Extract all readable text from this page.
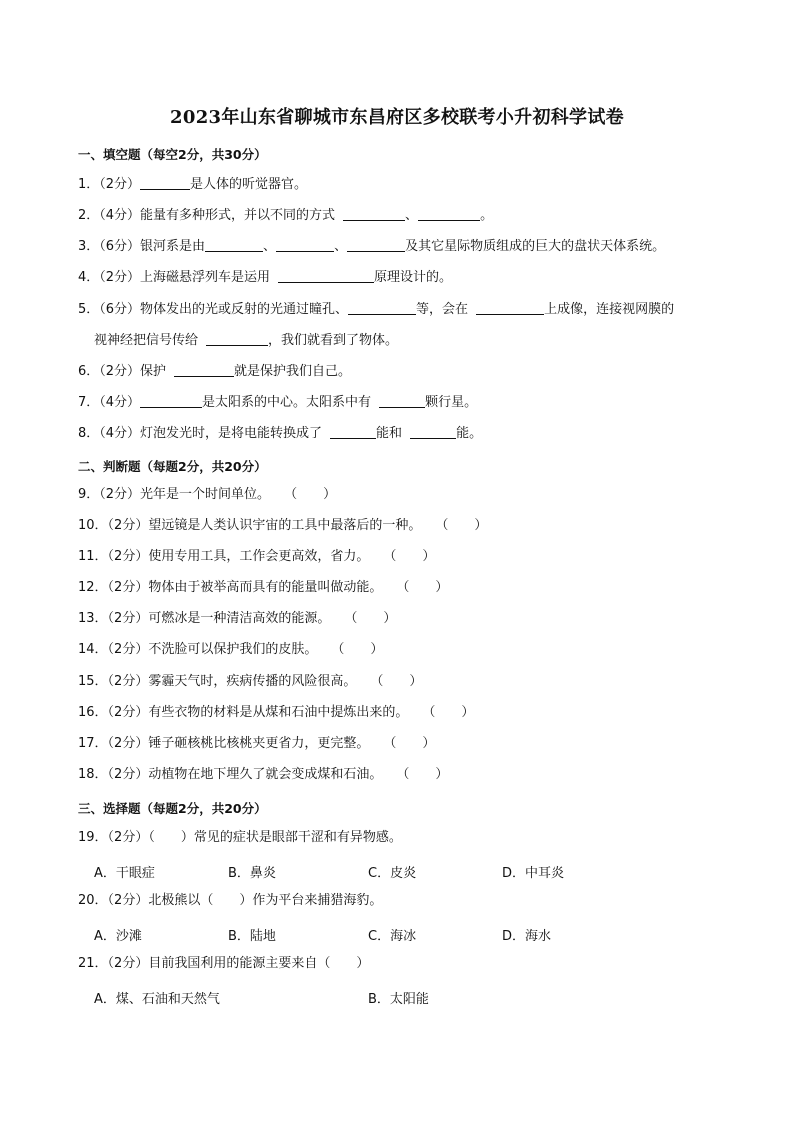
2023年山东省聊城市东昌府区多校联考小升初科学试卷
一、填空题（每空2分，共30分）
1．（2分）	是人体的听觉器官。
2．（4分）能量有多种形式，并以不同的方式	、	。
3．（6分）银河系是由	、	、	及其它星际物质组成的巨大的盘状天体系统。
4．（2分）上海磁悬浮列车是运用	原理设计的。
5．（6分）物体发出的光或反射的光通过瞳孔、	等，会在	上成像，连接视网膜的
视神经把信号传给	，我们就看到了物体。
6．（2分）保护	就是保护我们自己。
7．（4分）	是太阳系的中心。太阳系中有	颗行星。
8．（4分）灯泡发光时，是将电能转换成了	能和	能。
二、判断题（每题2分，共20分）
9．（2分）光年是一个时间单位。 （　　）
10．（2分）望远镜是人类认识宇宙的工具中最落后的一种。 （　　）
11．（2分）使用专用工具，工作会更高效，省力。 （　　）
12．（2分）物体由于被举高而具有的能量叫做动能。 （　　）
13．（2分）可燃冰是一种清洁高效的能源。 （　　）
14．（2分）不洗脸可以保护我们的皮肤。 （　　）
15．（2分）雾霾天气时，疾病传播的风险很高。 （　　）
16．（2分）有些衣物的材料是从煤和石油中提炼出来的。 （　　）
17．（2分）锤子砸核桃比核桃夹更省力，更完整。 （　　）
18．（2分）动植物在地下埋久了就会变成煤和石油。 （　　）
三、选择题（每题2分，共20分）
19．（2分）（　　）常见的症状是眼部干涩和有异物感。
A．干眼症	B．鼻炎	C．皮炎	D．中耳炎
20．（2分）北极熊以（　　）作为平台来捕猎海豹。
A．沙滩	B．陆地	C．海冰	D．海水
21．（2分）目前我国利用的能源主要来自（　　）
A．煤、石油和天然气	B．太阳能
